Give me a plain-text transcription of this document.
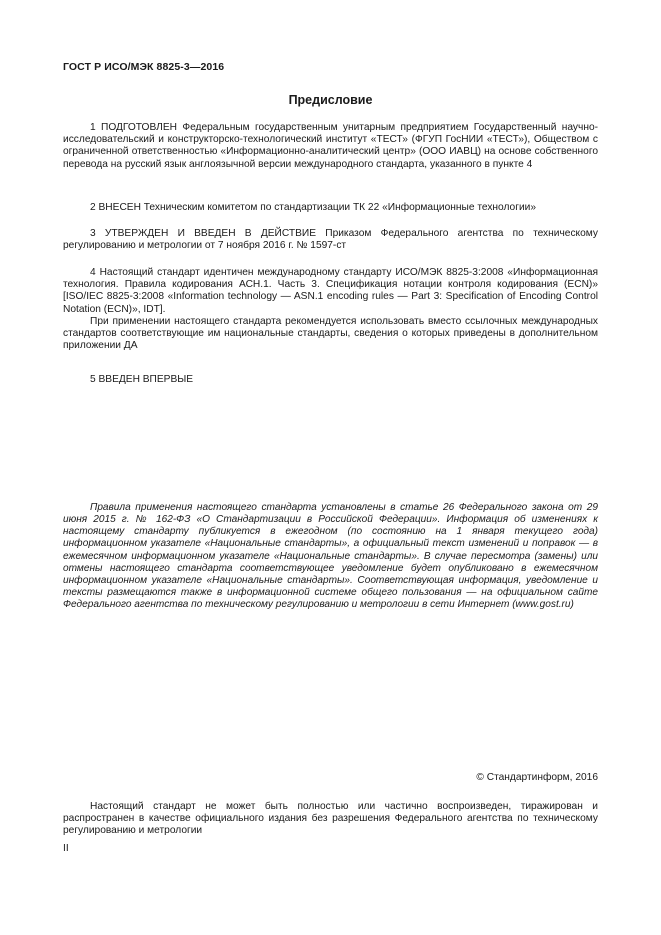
ГОСТ Р ИСО/МЭК 8825-3—2016
Предисловие

1 ПОДГОТОВЛЕН Федеральным государственным унитарным предприятием Государственный научно-исследовательский и конструкторско-технологический институт «ТЕСТ» (ФГУП ГосНИИ «ТЕСТ»), Обществом с ограниченной ответственностью «Информационно-аналитический центр» (ООО ИАВЦ) на основе собственного перевода на русский язык англоязычной версии международного стандарта, указанного в пункте 4

2 ВНЕСЕН Техническим комитетом по стандартизации ТК 22 «Информационные технологии»

3 УТВЕРЖДЕН И ВВЕДЕН В ДЕЙСТВИЕ Приказом Федерального агентства по техническому регулированию и метрологии от 7 ноября 2016 г. № 1597-ст

4 Настоящий стандарт идентичен международному стандарту ИСО/МЭК 8825-3:2008 «Информационная технология. Правила кодирования АСН.1. Часть 3. Спецификация нотации контроля кодирования (ECN)» [ISO/IEC 8825-3:2008 «Information technology — ASN.1 encoding rules — Part 3: Specification of Encoding Control Notation (ECN)», IDT].

При применении настоящего стандарта рекомендуется использовать вместо ссылочных международных стандартов соответствующие им национальные стандарты, сведения о которых приведены в дополнительном приложении ДА

5 ВВЕДЕН ВПЕРВЫЕ

Правила применения настоящего стандарта установлены в статье 26 Федерального закона от 29 июня 2015 г. № 162-ФЗ «О Стандартизации в Российской Федерации». Информация об изменениях к настоящему стандарту публикуется в ежегодном (по состоянию на 1 января текущего года) информационном указателе «Национальные стандарты», а официальный текст изменений и поправок — в ежемесячном информационном указателе «Национальные стандарты». В случае пересмотра (замены) или отмены настоящего стандарта соответствующее уведомление будет опубликовано в ежемесячном информационном указателе «Национальные стандарты». Соответствующая информация, уведомление и тексты размещаются также в информационной системе общего пользования — на официальном сайте Федерального агентства по техническому регулированию и метрологии в сети Интернет (www.gost.ru)

© Стандартинформ, 2016

Настоящий стандарт не может быть полностью или частично воспроизведен, тиражирован и распространен в качестве официального издания без разрешения Федерального агентства по техническому регулированию и метрологии

II
